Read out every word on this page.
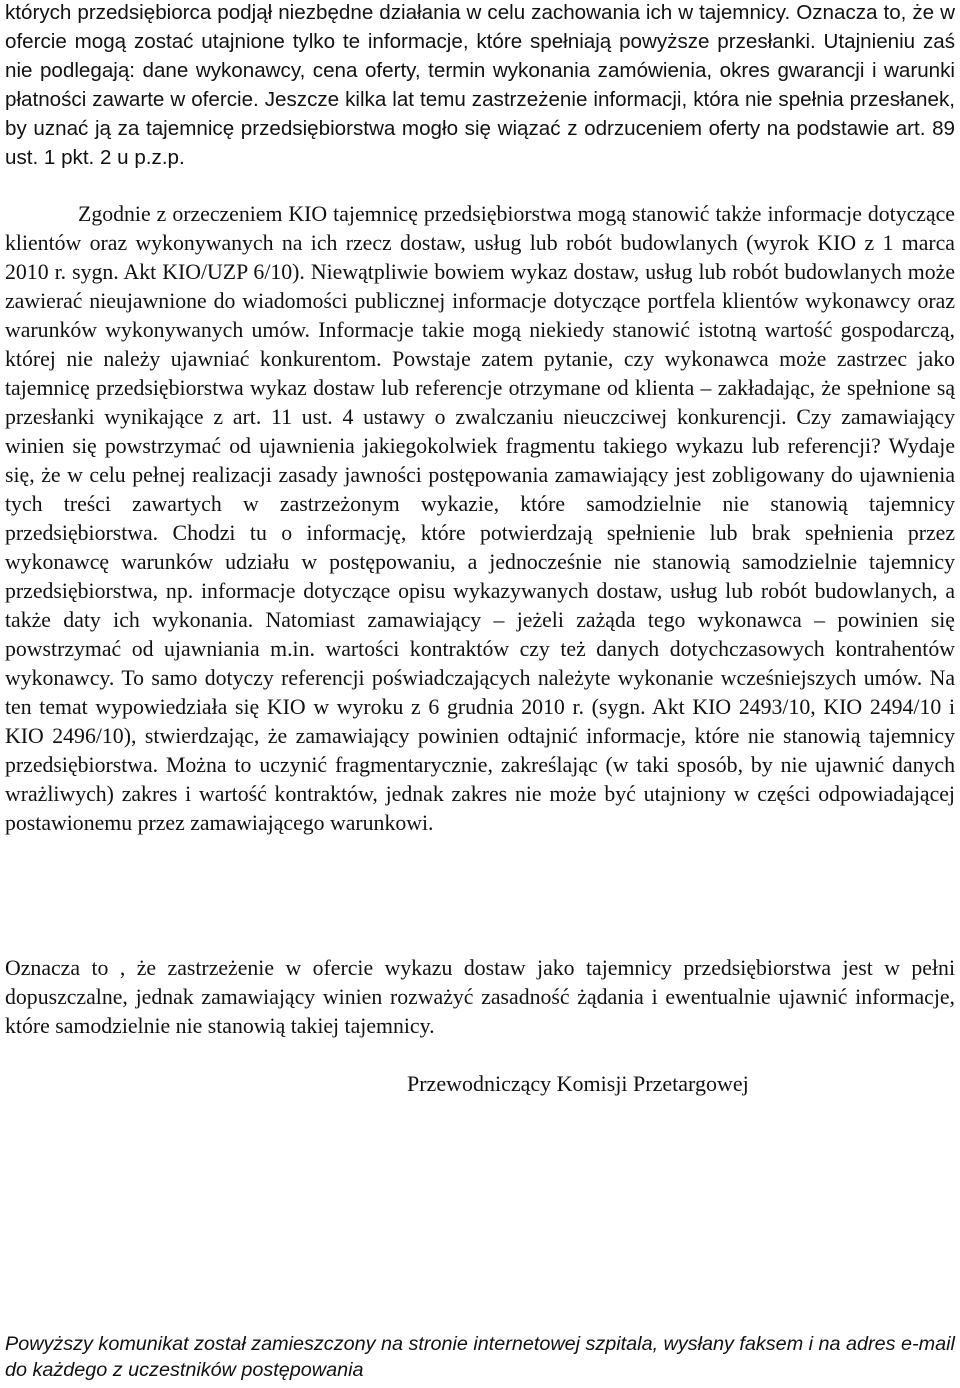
których przedsiębiorca podjął niezbędne działania w celu zachowania ich w tajemnicy. Oznacza to, że w ofercie mogą zostać utajnione tylko te informacje, które spełniają powyższe przesłanki. Utajnieniu zaś nie podlegają: dane wykonawcy, cena oferty, termin wykonania zamówienia, okres gwarancji i warunki płatności zawarte w ofercie. Jeszcze kilka lat temu zastrzeżenie informacji, która nie spełnia przesłanek, by uznać ją za tajemnicę przedsiębiorstwa mogło się wiązać z odrzuceniem oferty na podstawie art. 89 ust. 1 pkt. 2 u p.z.p.

Zgodnie z orzeczeniem KIO tajemnicę przedsiębiorstwa mogą stanowić także informacje dotyczące klientów oraz wykonywanych na ich rzecz dostaw, usług lub robót budowlanych (wyrok KIO z 1 marca 2010 r. sygn. Akt KIO/UZP 6/10). Niewątpliwie bowiem wykaz dostaw, usług lub robót budowlanych może zawierać nieujawnione do wiadomości publicznej informacje dotyczące portfela klientów wykonawcy oraz warunków wykonywanych umów. Informacje takie mogą niekiedy stanowić istotną wartość gospodarczą, której nie należy ujawniać konkurentom. Powstaje zatem pytanie, czy wykonawca może zastrzec jako tajemnicę przedsiębiorstwa wykaz dostaw lub referencje otrzymane od klienta – zakładając, że spełnione są przesłanki wynikające z art. 11 ust. 4 ustawy o zwalczaniu nieuczciwej konkurencji. Czy zamawiający winien się powstrzymać od ujawnienia jakiegokolwiek fragmentu takiego wykazu lub referencji? Wydaje się, że w celu pełnej realizacji zasady jawności postępowania zamawiający jest zobligowany do ujawnienia tych treści zawartych w zastrzeżonym wykazie, które samodzielnie nie stanowią tajemnicy przedsiębiorstwa. Chodzi tu o informację, które potwierdzają spełnienie lub brak spełnienia przez wykonawcę warunków udziału w postępowaniu, a jednocześnie nie stanowią samodzielnie tajemnicy przedsiębiorstwa, np. informacje dotyczące opisu wykazywanych dostaw, usług lub robót budowlanych, a także daty ich wykonania. Natomiast zamawiający – jeżeli zażąda tego wykonawca – powinien się powstrzymać od ujawniania m.in. wartości kontraktów czy też danych dotychczasowych kontrahentów wykonawcy. To samo dotyczy referencji poświadczających należyte wykonanie wcześniejszych umów. Na ten temat wypowiedziała się KIO w wyroku z 6 grudnia 2010 r. (sygn. Akt KIO 2493/10, KIO 2494/10 i KIO 2496/10), stwierdzając, że zamawiający powinien odtajnić informacje, które nie stanowią tajemnicy przedsiębiorstwa. Można to uczynić fragmentarycznie, zakreślając (w taki sposób, by nie ujawnić danych wrażliwych) zakres i wartość kontraktów, jednak zakres nie może być utajniony w części odpowiadającej postawionemu przez zamawiającego warunkowi.

Oznacza to , że zastrzeżenie w ofercie wykazu dostaw jako tajemnicy przedsiębiorstwa jest w pełni dopuszczalne, jednak zamawiający winien rozważyć zasadność żądania i ewentualnie ujawnić informacje, które samodzielnie nie stanowią takiej tajemnicy.

Przewodniczący Komisji Przetargowej

Powyższy komunikat został zamieszczony na stronie internetowej szpitala, wysłany faksem i na adres e-mail do każdego z uczestników postępowania
